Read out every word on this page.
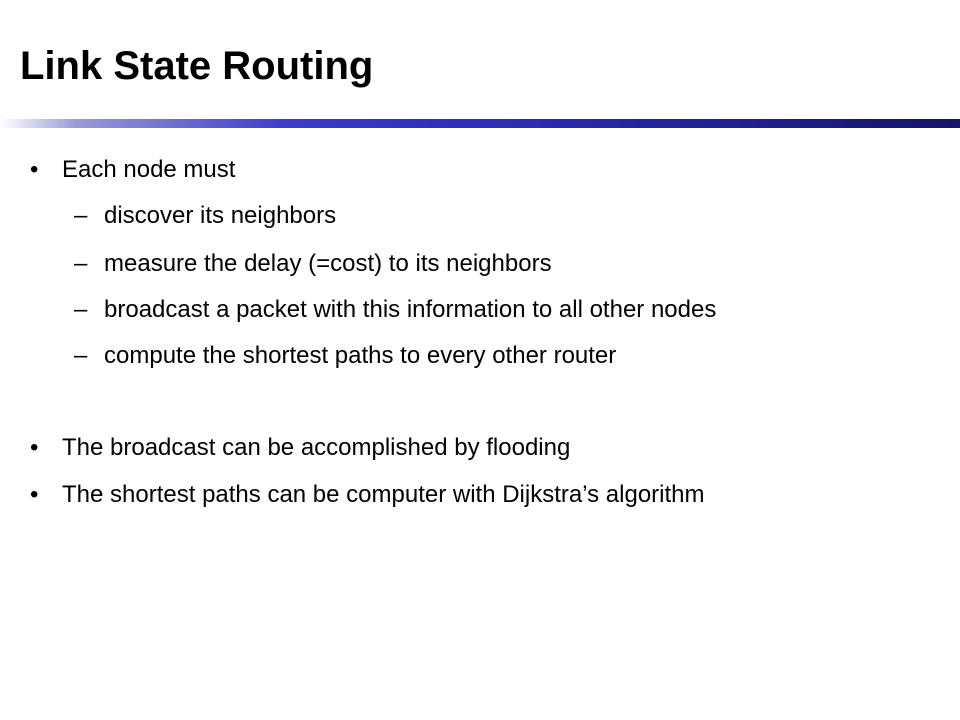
Link State Routing
• Each node must
– discover its neighbors
– measure the delay (=cost) to its neighbors
– broadcast a packet with this information to all other nodes
– compute the shortest paths to every other router
• The broadcast can be accomplished by flooding
• The shortest paths can be computer with Dijkstra’s algorithm
